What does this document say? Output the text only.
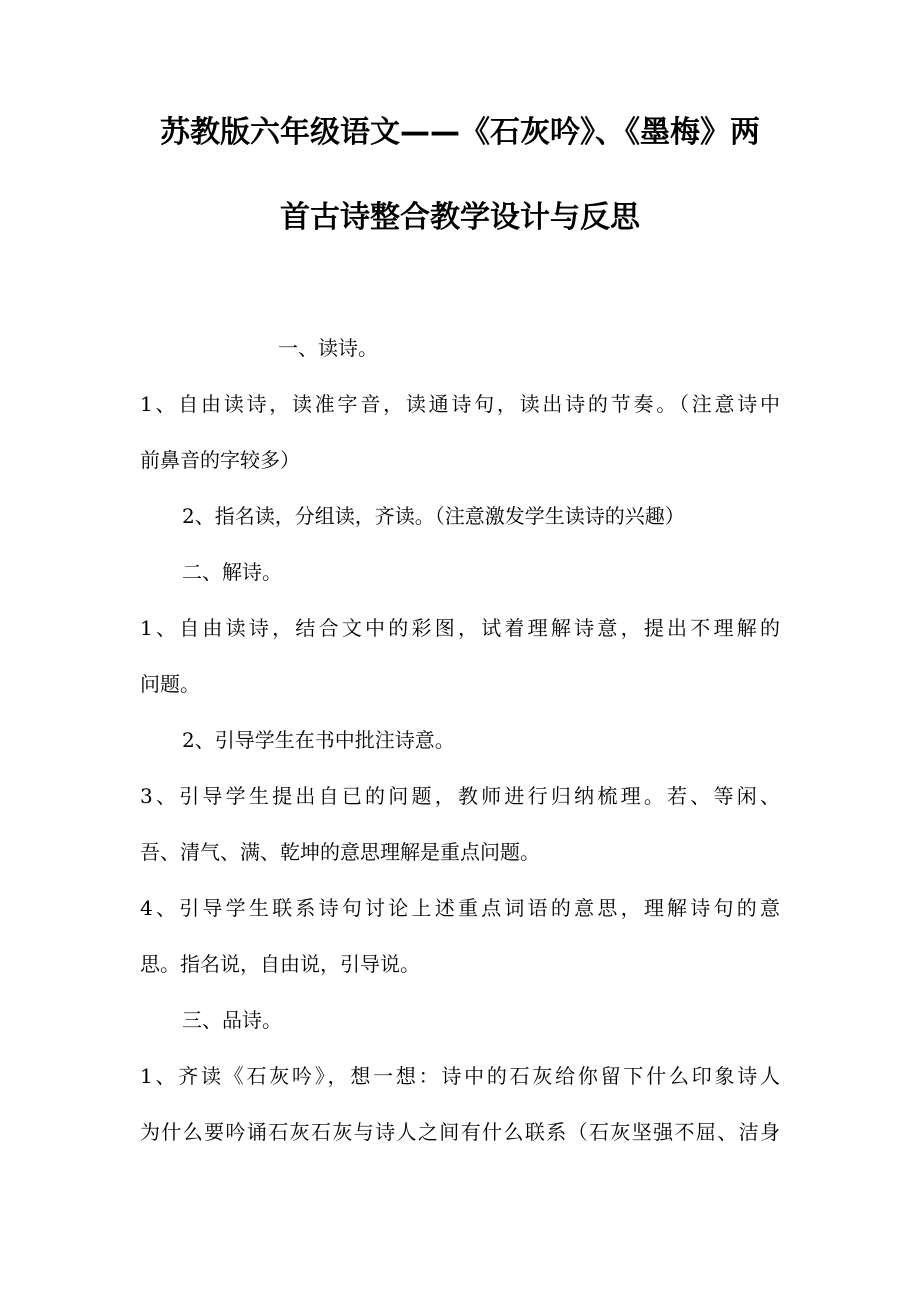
苏教版六年级语文——《石灰吟》、《墨梅》两
首古诗整合教学设计与反思
一、读诗。
1、自由读诗，读准字音，读通诗句，读出诗的节奏。（注意诗中
前鼻音的字较多）
2、指名读，分组读，齐读。（注意激发学生读诗的兴趣）
二、解诗。
1、自由读诗，结合文中的彩图，试着理解诗意，提出不理解的
问题。
2、引导学生在书中批注诗意。
3、引导学生提出自已的问题，教师进行归纳梳理。若、等闲、
吾、清气、满、乾坤的意思理解是重点问题。
4、引导学生联系诗句讨论上述重点词语的意思，理解诗句的意
思。指名说，自由说，引导说。
三、品诗。
1、齐读《石灰吟》，想一想：诗中的石灰给你留下什么印象诗人
为什么要吟诵石灰石灰与诗人之间有什么联系（石灰坚强不屈、洁身
